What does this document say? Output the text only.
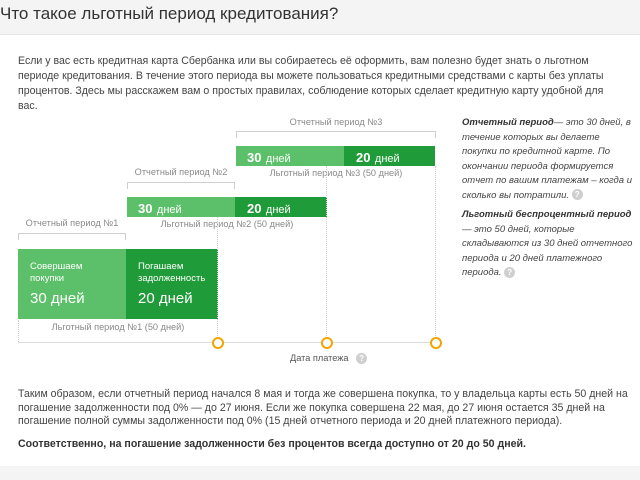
Что такое льготный период кредитования?

Если у вас есть кредитная карта Сбербанка или вы собираетесь её оформить, вам полезно будет знать о льготном периоде кредитования. В течение этого периода вы можете пользоваться кредитными средствами с карты без уплаты процентов. Здесь мы расскажем вам о простых правилах, соблюдение которых сделает кредитную карту удобной для вас.

Отчетный период №3
30 дней	20 дней
Льготный период №3 (50 дней)
Отчетный период №2
30 дней	20 дней
Льготный период №2 (50 дней)
Отчетный период №1
Совершаем покупки
30 дней
Погашаем задолженность
20 дней
Льготный период №1 (50 дней)
Дата платежа ?
Отчетный период— это 30 дней, в течение которых вы делаете покупки по кредитной карте. По окончании периода формируется отчет по вашим платежам – когда и сколько вы потратили. ?
Льготный беспроцентный период — это 50 дней, которые складываются из 30 дней отчетного периода и 20 дней платежного периода. ?

Таким образом, если отчетный период начался 8 мая и тогда же совершена покупка, то у владельца карты есть 50 дней на погашение задолженности под 0% — до 27 июня. Если же покупка совершена 22 мая, до 27 июня остается 35 дней на погашение полной суммы задолженности под 0% (15 дней отчетного периода и 20 дней платежного периода).

Соответственно, на погашение задолженности без процентов всегда доступно от 20 до 50 дней.
